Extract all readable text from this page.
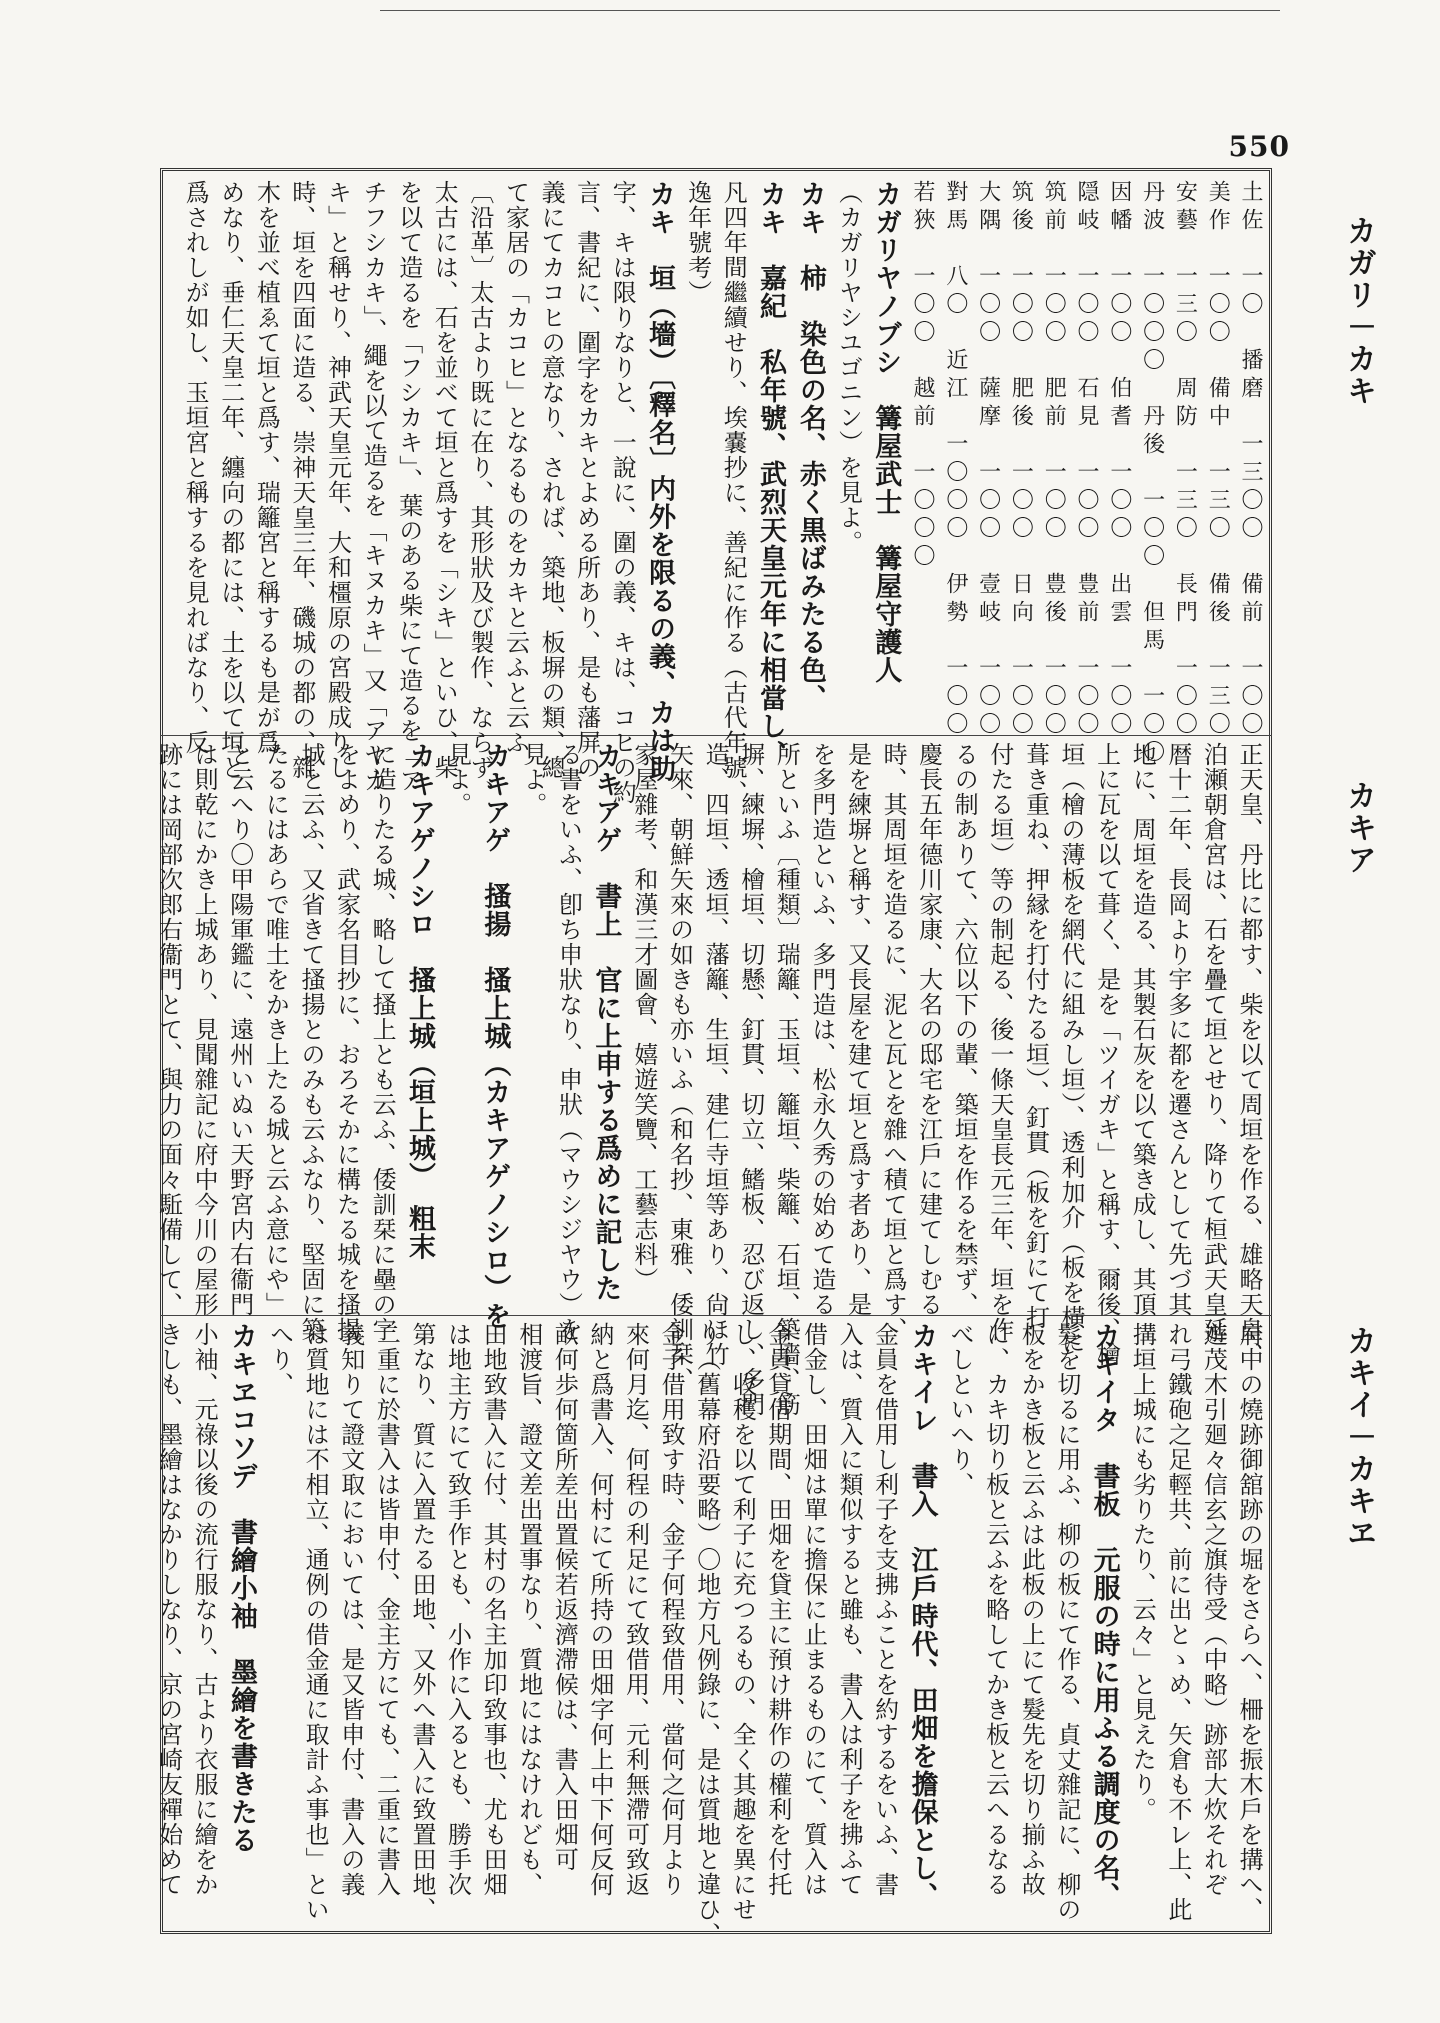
550
カガリ－カキ
カキア
カキイ－カキヱ
土佐　一〇　播磨　一三〇〇　備前　一〇〇
美作　一〇〇　備中　一三〇　備後　一三〇
安藝　一三〇　周防　一三〇　長門　一〇〇
丹波　一〇〇〇　丹後　一〇〇　但馬　一〇〇
因幡　一〇〇　伯耆　一〇〇　出雲　一〇〇
隠岐　一〇〇　石見　一〇〇　豊前　一〇〇
筑前　一〇〇　肥前　一〇〇　豊後　一〇〇
筑後　一〇〇　肥後　一〇〇　日向　一〇〇
大隅　一〇〇　薩摩　一〇〇　壹岐　一〇〇
對馬　八〇　近江　一〇〇〇　伊勢　一〇〇
若狹　一〇〇　越前　一〇〇〇
カガリヤノブシ　篝屋武士　篝屋守護人
（カガリヤシユゴニン）を見よ。
カキ　柿　染色の名、赤く黒ばみたる色、
カキ　嘉紀　私年號、武烈天皇元年に相當し、
凡四年間繼續せり、埃嚢抄に、善紀に作る（古代年號、
逸年號考）
カキ　垣（墻）〔釋名〕内外を限るの義、カは助
字、キは限りなりと、一說に、圍の義、キは、コヒの約
言、書紀に、圍字をカキとよめる所あり、是も藩屏の
義にてカコヒの意なり、されば、築地、板塀の類、總
て家居の「カコヒ」となるものをカキと云ふと云ふ
〔沿革〕太古より既に在り、其形狀及び製作、ならず、
太古には、石を並べて垣と爲すを「シキ」といひ、柴
を以て造るを「フシカキ」、葉のある柴にて造るを「ア
チフシカキ」、繩を以て造るを「キヌカキ」又「アヤカ
キ」と稱せり、神武天皇元年、大和橿原の宮殿成りし
時、垣を四面に造る、崇神天皇三年、磯城の都の、雜
木を並べ植ゑて垣と爲す、瑞籬宮と稱するも是が爲
めなり、垂仁天皇二年、纏向の都には、土を以て垣と
爲されしが如し、玉垣宮と稱するを見ればなり、反
正天皇、丹比に都す、柴を以て周垣を作る、雄略天皇、
泊瀬朝倉宮は、石を疊て垣とせり、降りて桓武天皇延
暦十二年、長岡より宇多に都を遷さんとして先づ其
地に、周垣を造る、其製石灰を以て築き成し、其頂
上に瓦を以て葺く、是を「ツイガキ」と稱す、爾後、檜
垣（檜の薄板を網代に組みし垣）、透利加介（板を橫に
葺き重ね、押縁を打付たる垣）、釘貫（板を釘にて打
付たる垣）等の制起る、後一條天皇長元三年、垣を作
るの制ありて、六位以下の輩、築垣を作るを禁ず、
慶長五年德川家康、大名の邸宅を江戶に建てしむる
時、其周垣を造るに、泥と瓦とを雜へ積て垣と爲す、
是を練塀と稱す、又長屋を建て垣と爲す者あり、是
を多門造といふ、多門造は、松永久秀の始めて造る
所といふ〔種類〕瑞籬、玉垣、籬垣、柴籬、石垣、築墻、筋
塀、練塀、檜垣、切懸、釘貫、切立、鰭板、忍び返し、多門
造、四垣、透垣、藩籬、生垣、建仁寺垣等あり、尙ほ竹
矢來、朝鮮矢來の如きも亦いふ（和名抄、東雅、倭訓栞、
家屋雜考、和漢三才圖會、嬉遊笑覽、工藝志料）
カキアゲ　書上　官に上申する爲めに記した
る書をいふ、卽ち申狀なり、申狀（マウシジヤウ）を
見よ。
カキアゲ　搔揚　搔上城（カキアゲノシロ）を
見よ。
カキアゲノシロ　搔上城（垣上城）　粗末
に造りたる城、略して搔上とも云ふ、倭訓栞に壘の字
をよめり、武家名目抄に、おろそかに構たる城を搔揚
城と云ふ、又省きて搔揚とのみも云ふなり、堅固に築
たるにはあらで唯土をかき上たる城と云ふ意にや」
と云へり〇甲陽軍鑑に、遠州いぬい天野宮内右衞門
は則乾にかき上城あり、見聞雜記に府中今川の屋形
跡には岡部次郎右衞門とて、與力の面々駈備して、
府中の燒跡御舘跡の堀をさらへ、柵を振木戶を搆へ、
遊茂木引廻々信玄之旗待受（中略）跡部大炊それぞ
れ弓鐵砲之足輕共、前に出とゝめ、矢倉も不レ上、此
搆垣上城にも劣りたり、云々」と見えたり。
カキイタ　書板　元服の時に用ふる調度の名、
髮を切るに用ふ、柳の板にて作る、貞丈雜記に、柳の
板をかき板と云ふは此板の上にて髮先を切り揃ふ故
に、カキ切り板と云ふを略してかき板と云へるなる
べしといへり、
カキイレ　書入　江戶時代、田畑を擔保とし、
金員を借用し利子を支拂ふことを約するをいふ、書
入は、質入に類似すると雖も、書入は利子を拂ふて
借金し、田畑は單に擔保に止まるものにて、質入は
金員貸借期間、田畑を貸主に預け耕作の權利を付托
し、收穫を以て利子に充つるもの、全く其趣を異にせ
り（舊幕府沿要略）〇地方凡例錄に、是は質地と違ひ、
金子借用致す時、金子何程致借用、當何之何月より
來何月迄、何程の利足にて致借用、元利無滯可致返
納と爲書入、何村にて所持の田畑字何上中下何反何
畝何歩何箇所差出置候若返濟滯候は、書入田畑可
相渡旨、證文差出置事なり、質地にはなけれども、
田地致書入に付、其村の名主加印致事也、尤も田畑
は地主方にて致手作とも、小作に入るとも、勝手次
第なり、質に入置たる田地、又外へ書入に致置田地、
二重に於書入は皆申付、金主方にても、二重に書入
義知りて證文取においては、是又皆申付、書入の義
は質地には不相立、通例の借金通に取計ふ事也」とい
へり、
カキヱコソデ　書繪小袖　墨繪を書きたる
小袖、元祿以後の流行服なり、古より衣服に繪をか
きしも、墨繪はなかりしなり、京の宮崎友禪始めて
